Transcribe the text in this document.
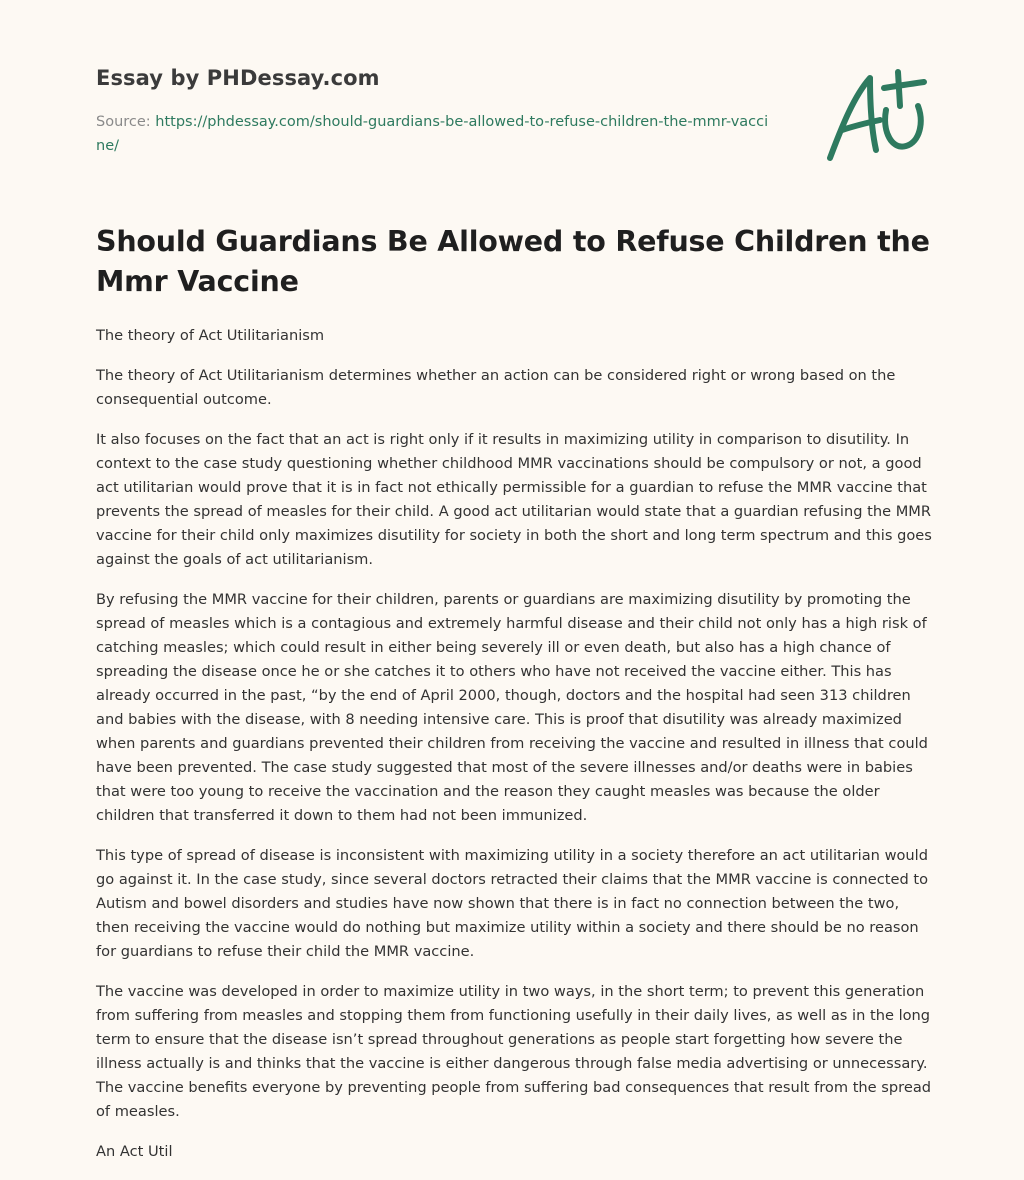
Essay by PHDessay.com

Source: https://phdessay.com/should-guardians-be-allowed-to-refuse-children-the-mmr-vaccine/

Should Guardians Be Allowed to Refuse Children the Mmr Vaccine

The theory of Act Utilitarianism

The theory of Act Utilitarianism determines whether an action can be considered right or wrong based on the consequential outcome.

It also focuses on the fact that an act is right only if it results in maximizing utility in comparison to disutility. In context to the case study questioning whether childhood MMR vaccinations should be compulsory or not, a good act utilitarian would prove that it is in fact not ethically permissible for a guardian to refuse the MMR vaccine that prevents the spread of measles for their child. A good act utilitarian would state that a guardian refusing the MMR vaccine for their child only maximizes disutility for society in both the short and long term spectrum and this goes against the goals of act utilitarianism.

By refusing the MMR vaccine for their children, parents or guardians are maximizing disutility by promoting the spread of measles which is a contagious and extremely harmful disease and their child not only has a high risk of catching measles; which could result in either being severely ill or even death, but also has a high chance of spreading the disease once he or she catches it to others who have not received the vaccine either. This has already occurred in the past, “by the end of April 2000, though, doctors and the hospital had seen 313 children and babies with the disease, with 8 needing intensive care. This is proof that disutility was already maximized when parents and guardians prevented their children from receiving the vaccine and resulted in illness that could have been prevented. The case study suggested that most of the severe illnesses and/or deaths were in babies that were too young to receive the vaccination and the reason they caught measles was because the older children that transferred it down to them had not been immunized.

This type of spread of disease is inconsistent with maximizing utility in a society therefore an act utilitarian would go against it. In the case study, since several doctors retracted their claims that the MMR vaccine is connected to Autism and bowel disorders and studies have now shown that there is in fact no connection between the two, then receiving the vaccine would do nothing but maximize utility within a society and there should be no reason for guardians to refuse their child the MMR vaccine.

The vaccine was developed in order to maximize utility in two ways, in the short term; to prevent this generation from suffering from measles and stopping them from functioning usefully in their daily lives, as well as in the long term to ensure that the disease isn’t spread throughout generations as people start forgetting how severe the illness actually is and thinks that the vaccine is either dangerous through false media advertising or unnecessary. The vaccine benefits everyone by preventing people from suffering bad consequences that result from the spread of measles.

An Act Util
